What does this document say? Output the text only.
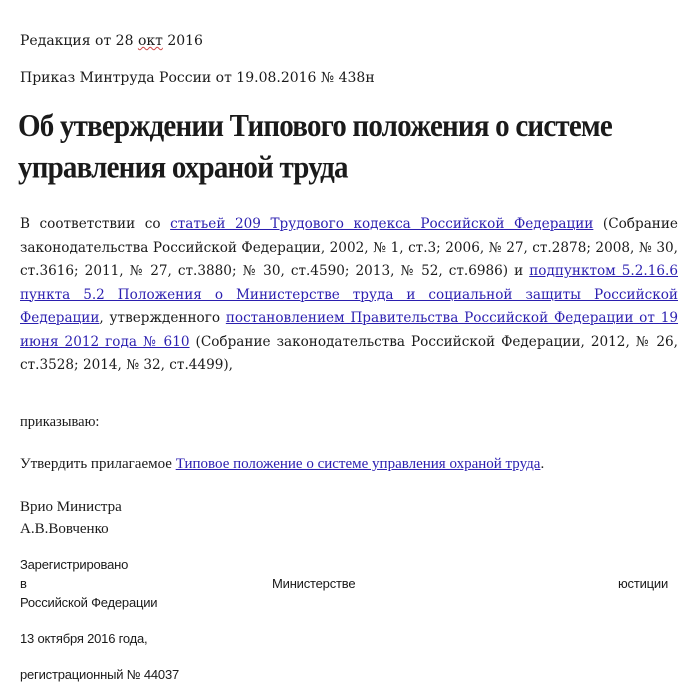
Редакция от 28 окт 2016
Приказ Минтруда России от 19.08.2016 № 438н
Об утверждении Типового положения о системе управления охраной труда

В соответствии со статьей 209 Трудового кодекса Российской Федерации (Собрание законодательства Российской Федерации, 2002, № 1, ст.3; 2006, № 27, ст.2878; 2008, № 30, ст.3616; 2011, № 27, ст.3880; № 30, ст.4590; 2013, № 52, ст.6986) и подпунктом 5.2.16.6 пункта 5.2 Положения о Министерстве труда и социальной защиты Российской Федерации, утвержденного постановлением Правительства Российской Федерации от 19 июня 2012 года № 610 (Собрание законодательства Российской Федерации, 2012, № 26, ст.3528; 2014, № 32, ст.4499),

приказываю:
Утвердить прилагаемое Типовое положение о системе управления охраной труда.
Врио Министра
А.В.Вовченко
Зарегистрировано
в	Министерстве	юстиции
Российской Федерации
13 октября 2016 года,
регистрационный № 44037
